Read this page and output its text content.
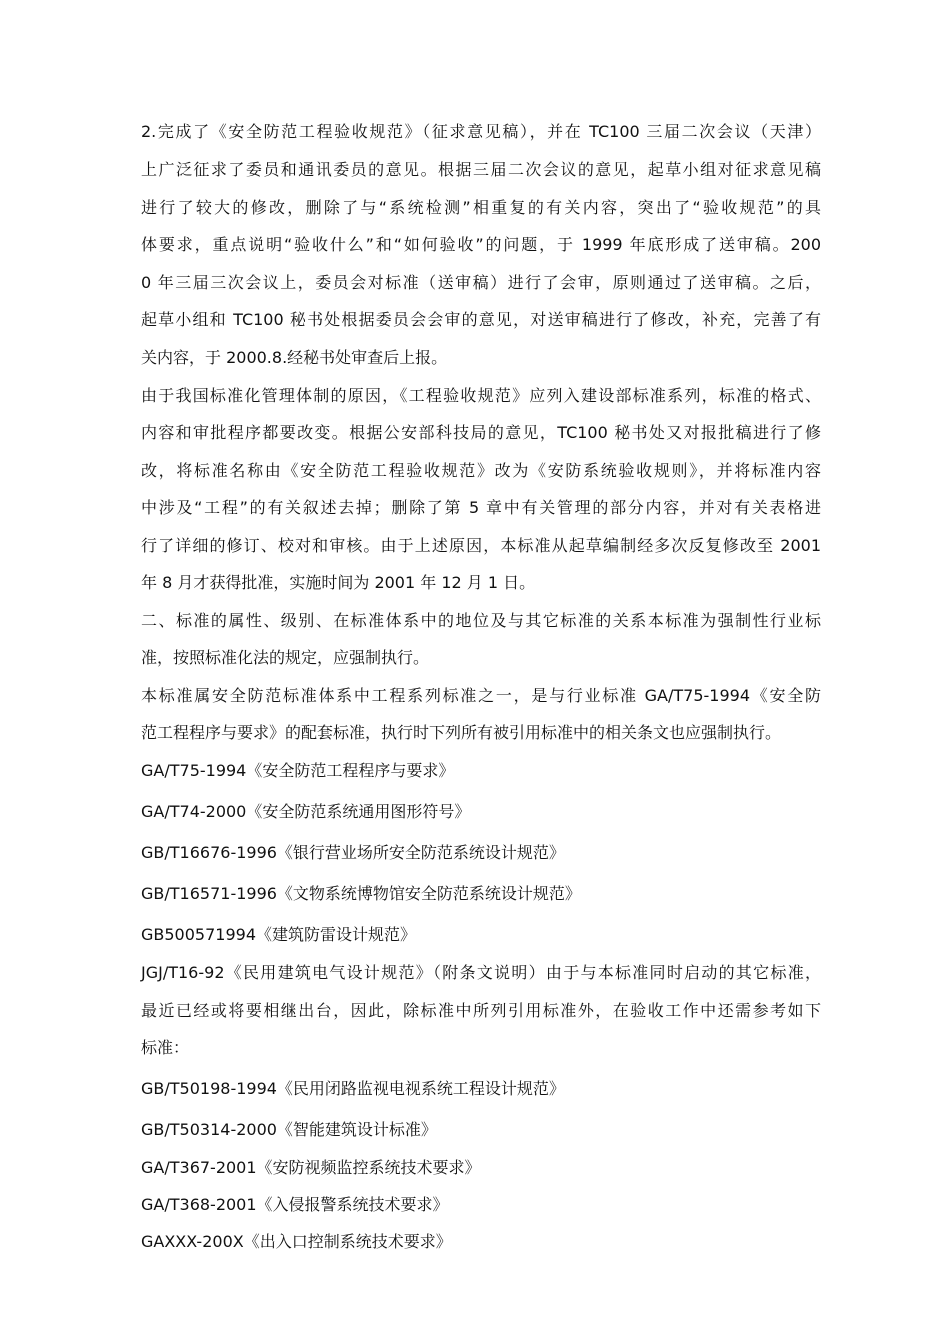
2.完成了《安全防范工程验收规范》（征求意见稿），并在 TC100 三届二次会议（天津）
上广泛征求了委员和通讯委员的意见。根据三届二次会议的意见，起草小组对征求意见稿
进行了较大的修改，删除了与“系统检测”相重复的有关内容，突出了“验收规范”的具
体要求，重点说明“验收什么”和“如何验收”的问题，于 1999 年底形成了送审稿。200
0 年三届三次会议上，委员会对标准（送审稿）进行了会审，原则通过了送审稿。之后，
起草小组和 TC100 秘书处根据委员会会审的意见，对送审稿进行了修改，补充，完善了有
关内容，于 2000.8.经秘书处审查后上报。
由于我国标准化管理体制的原因，《工程验收规范》应列入建设部标准系列，标准的格式、
内容和审批程序都要改变。根据公安部科技局的意见，TC100 秘书处又对报批稿进行了修
改，将标准名称由《安全防范工程验收规范》改为《安防系统验收规则》，并将标准内容
中涉及“工程”的有关叙述去掉；删除了第 5 章中有关管理的部分内容，并对有关表格进
行了详细的修订、校对和审核。由于上述原因，本标准从起草编制经多次反复修改至 2001
年 8 月才获得批准，实施时间为 2001 年 12 月 1 日。
二、标准的属性、级别、在标准体系中的地位及与其它标准的关系本标准为强制性行业标
准，按照标准化法的规定，应强制执行。
本标准属安全防范标准体系中工程系列标准之一，是与行业标准 GA/T75-1994《安全防
范工程程序与要求》的配套标准，执行时下列所有被引用标准中的相关条文也应强制执行。
GA/T75-1994《安全防范工程程序与要求》
GA/T74-2000《安全防范系统通用图形符号》
GB/T16676-1996《银行营业场所安全防范系统设计规范》
GB/T16571-1996《文物系统博物馆安全防范系统设计规范》
GB500571994《建筑防雷设计规范》
JGJ/T16-92《民用建筑电气设计规范》（附条文说明）由于与本标准同时启动的其它标准，
最近已经或将要相继出台，因此，除标准中所列引用标准外，在验收工作中还需参考如下
标准：
GB/T50198-1994《民用闭路监视电视系统工程设计规范》
GB/T50314-2000《智能建筑设计标准》
GA/T367-2001《安防视频监控系统技术要求》
GA/T368-2001《入侵报警系统技术要求》
GAXXX-200X《出入口控制系统技术要求》
